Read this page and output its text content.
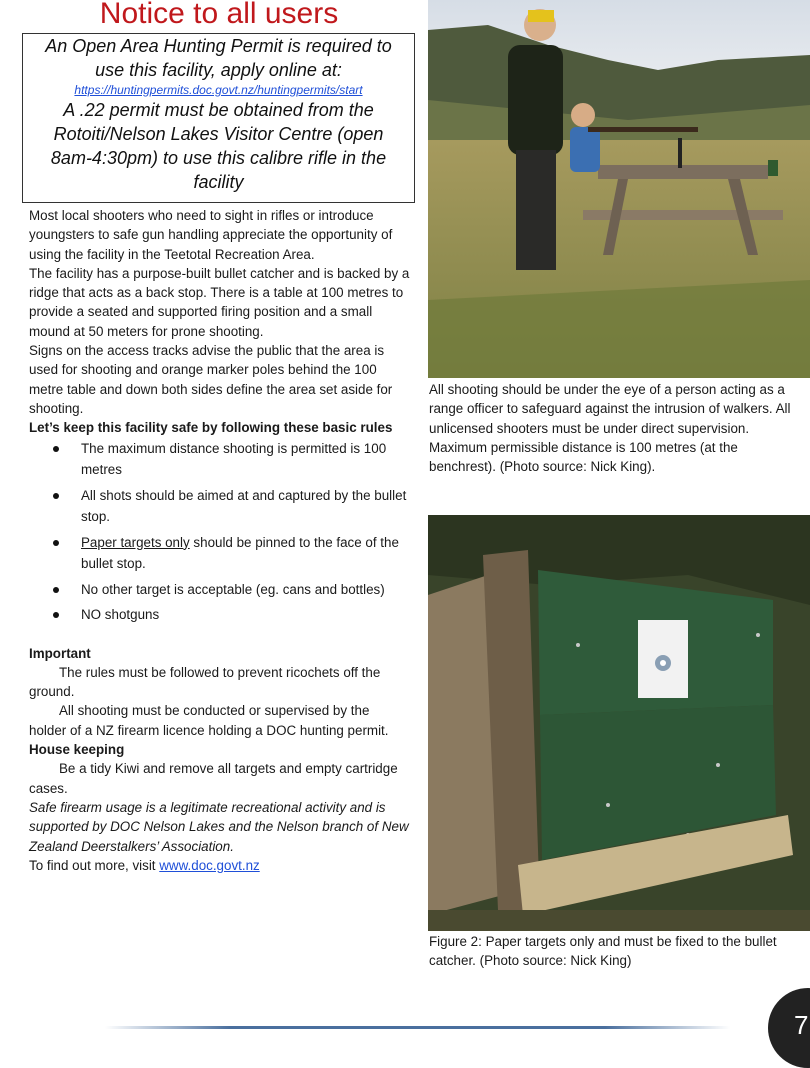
Notice to all users
An Open Area Hunting Permit is required to
use this facility, apply online at:
https://huntingpermits.doc.govt.nz/huntingpermits/start
A .22 permit must be obtained from the
Rotoiti/Nelson Lakes Visitor Centre (open
8am-4:30pm) to use this calibre rifle in the
facility

Most local shooters who need to sight in rifles or introduce youngsters to safe gun handling appreciate the opportunity of using the facility in the Teetotal Recreation Area.

The facility has a purpose-built bullet catcher and is backed by a ridge that acts as a back stop. There is a table at 100 metres to provide a seated and supported firing position and a small mound at 50 meters for prone shooting.

Signs on the access tracks advise the public that the area is used for shooting and orange marker poles behind the 100 metre table and down both sides define the area set aside for shooting.

Let’s keep this facility safe by following these basic rules

The maximum distance shooting is permitted is 100 metres
All shots should be aimed at and captured by the bullet stop.
Paper targets only should be pinned to the face of the bullet stop.
No other target is acceptable (eg. cans and bottles)
NO shotguns

Important

The rules must be followed to prevent ricochets off the ground.

All shooting must be conducted or supervised by the holder of a NZ firearm licence holding a DOC hunting permit.

House keeping

Be a tidy Kiwi and remove all targets and empty cartridge cases.

Safe firearm usage is a legitimate recreational activity and is supported by DOC Nelson Lakes and the Nelson branch of New Zealand Deerstalkers’ Association.

To find out more, visit www.doc.govt.nz

All shooting should be under the eye of a person acting as a range officer to safeguard against the intrusion of walkers. All unlicensed shooters must be under direct supervision. Maximum permissible distance is 100 metres (at the benchrest). (Photo source: Nick King).
Figure 2: Paper targets only and must be fixed to the bullet catcher. (Photo source: Nick King)
7
